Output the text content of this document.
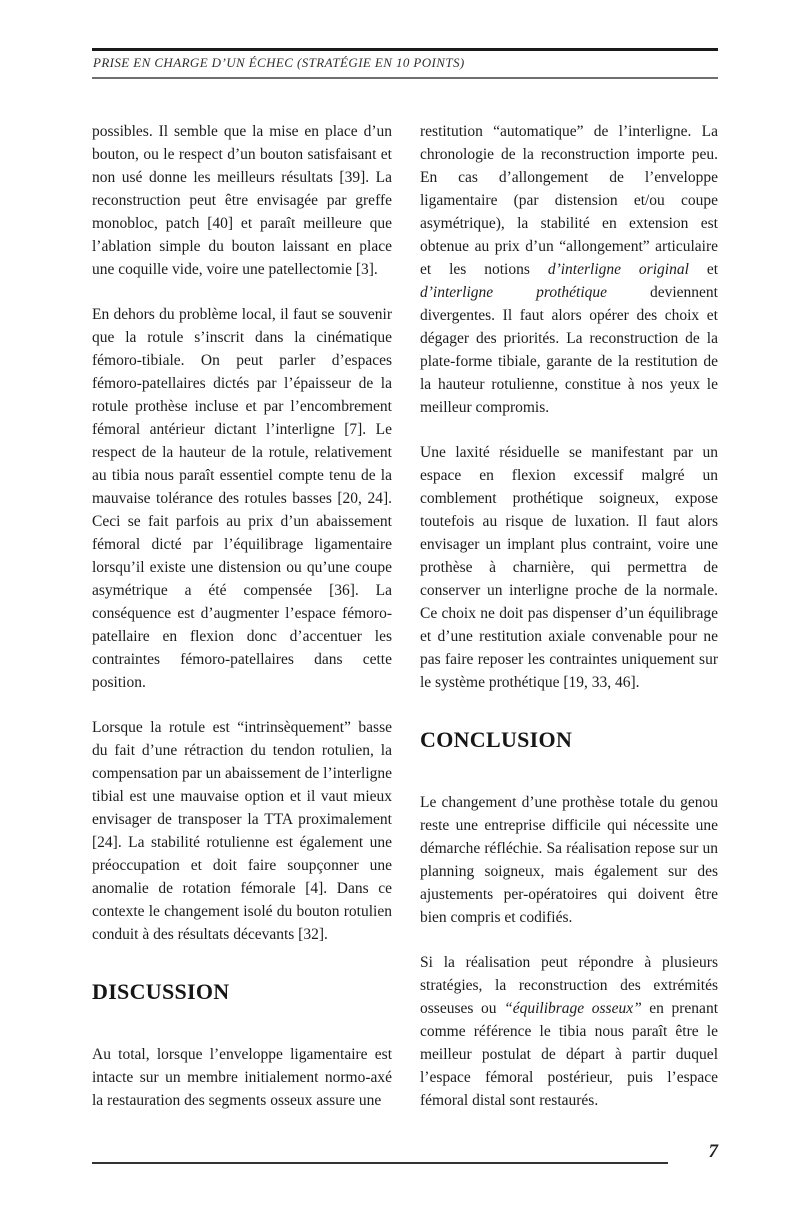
PRISE EN CHARGE D’UN ÉCHEC (STRATÉGIE EN 10 POINTS)

possibles. Il semble que la mise en place d’un bouton, ou le respect d’un bouton satisfaisant et non usé donne les meilleurs résultats [39]. La reconstruction peut être envisagée par greffe monobloc, patch [40] et paraît meilleure que l’ablation simple du bouton laissant en place une coquille vide, voire une patellectomie [3].

En dehors du problème local, il faut se souvenir que la rotule s’inscrit dans la cinématique fémoro-tibiale. On peut parler d’espaces fémoro-patellaires dictés par l’épaisseur de la rotule prothèse incluse et par l’encombrement fémoral antérieur dictant l’interligne [7]. Le respect de la hauteur de la rotule, relativement au tibia nous paraît essentiel compte tenu de la mauvaise tolérance des rotules basses [20, 24]. Ceci se fait parfois au prix d’un abaissement fémoral dicté par l’équilibrage ligamentaire lorsqu’il existe une distension ou qu’une coupe asymétrique a été compensée [36]. La conséquence est d’augmenter l’espace fémoro-patellaire en flexion donc d’accentuer les contraintes fémoro-patellaires dans cette position.

Lorsque la rotule est “intrinsèquement” basse du fait d’une rétraction du tendon rotulien, la compensation par un abaissement de l’interligne tibial est une mauvaise option et il vaut mieux envisager de transposer la TTA proximalement [24]. La stabilité rotulienne est également une préoccupation et doit faire soupçonner une anomalie de rotation fémorale [4]. Dans ce contexte le changement isolé du bouton rotulien conduit à des résultats décevants [32].

DISCUSSION

Au total, lorsque l’enveloppe ligamentaire est intacte sur un membre initialement normo-axé la restauration des segments osseux assure une

restitution “automatique” de l’interligne. La chronologie de la reconstruction importe peu. En cas d’allongement de l’enveloppe ligamentaire (par distension et/ou coupe asymétrique), la stabilité en extension est obtenue au prix d’un “allongement” articulaire et les notions d’interligne original et d’interligne prothétique deviennent divergentes. Il faut alors opérer des choix et dégager des priorités. La reconstruction de la plate-forme tibiale, garante de la restitution de la hauteur rotulienne, constitue à nos yeux le meilleur compromis.

Une laxité résiduelle se manifestant par un espace en flexion excessif malgré un comblement prothétique soigneux, expose toutefois au risque de luxation. Il faut alors envisager un implant plus contraint, voire une prothèse à charnière, qui permettra de conserver un interligne proche de la normale. Ce choix ne doit pas dispenser d’un équilibrage et d’une restitution axiale convenable pour ne pas faire reposer les contraintes uniquement sur le système prothétique [19, 33, 46].

CONCLUSION

Le changement d’une prothèse totale du genou reste une entreprise difficile qui nécessite une démarche réfléchie. Sa réalisation repose sur un planning soigneux, mais également sur des ajustements per-opératoires qui doivent être bien compris et codifiés.

Si la réalisation peut répondre à plusieurs stratégies, la reconstruction des extrémités osseuses ou “équilibrage osseux” en prenant comme référence le tibia nous paraît être le meilleur postulat de départ à partir duquel l’espace fémoral postérieur, puis l’espace fémoral distal sont restaurés.

7
